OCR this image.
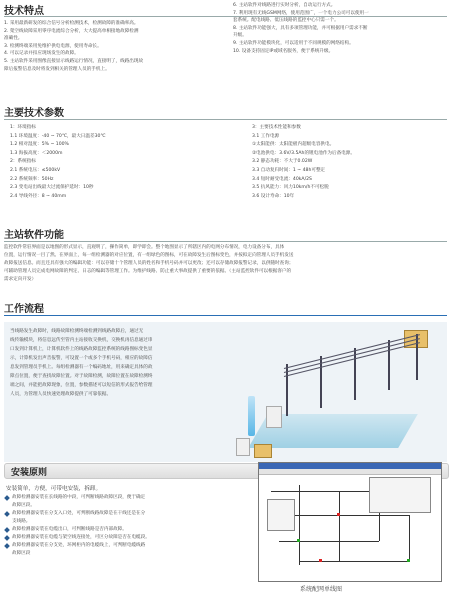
技术特点
1. 采用最新研发的综合信号分析检测技术，检测故障的准确率高。
2. 架空线故障采用零序电流综合分析，大大提高单相接地故障检测
准确性。
3. 检测终端采用免维护供电电源，使用寿命长。
4. 可以记录并扣应现场发生的故障。
5. 主站软件采用图像直接显示线路运行情况，直接明了，线路出现故
障后报警信息及时将发到相关的管理人员的手机上。
6. 主站软件对线路进行实时分析，自动运行方式。
7. 利用现有无线GSM网络，使用范围广，一个电力公司可以使用一
套系统。配电线路、低压线路的监控中心只需一个。
8. 主站软件功能强大，具有多项管理功能，并可根据用户需求不断
升级。
9. 主站软件功能模块化，可以适用于不同规模的网络结构。
10. 设备支持固定IP或域名服务，便于系统升级。
主要技术参数
1：环境指标
1.1 环境温度：-40 ~ 70℃，最大日温差30℃
1.2 相对湿度：5% ~ 100%
1.3 海拔高度：＜2000m
2：系统指标
2.1 系统电压：≤500kV
2.2 系统频率：50Hz
2.3 变电站出线最大过流保护延时：10秒
2.4 导线外径：8 ~ 40mm
3：主要技术性能和参数
3.1 工作电源
①太阳能供：太阳能板内超级电容供电。
②电池供电：3.6V/3.5Ah的锂电池作为后备电源。
3.2 静态功耗：不大于0.02W
3.3 自动复归时间：1 ~ 48h可整定
3.4 短时耐受电流：40kA/2S
3.5 抗风能力：风力10km/h不可松脱
3.6 设计寿命：10年
主站软件功能
监控软件常驻界面是以地图的形式显示，直观明了，操作简单，即学即会。整个地图显示了所辖区内的电网分布情况，电力设备分布，具体
位置，运行情况一目了然。在界面上，每一组检测器的对应位置，有一组绿色的图标，可在故障发生后图标变色，并按拟定向管理人员手机发送
故障报送信息。而且还具有强大的编辑功能：可以存储十个管理人员的姓名和手机号码并可以更改；还可以存储故障报警记录，以供随时查询；
可辅助管理人员完成电网故障的判定、日志的编辑等管理工作。为维护线路、防止重大事故提供了重要的依据。（主站监控软件可以根据客户的
需求定向开发）
工作流程
当线路发生故障时，线路故障检测终端检测到线路故障后，通过无
线传输模块，将信息远传至管内主站接收交换机，交换机再信息通过串
口发到计算机上，计算机软件上的线路故障监控系统的线路图标变色显
示，计算机发出声音报警，可设置一个或多个手机号码，相应的故障信
息发到管理员手机上。每组检测器有一个编码地址，用来确定具体的故
障点位置，便于查找故障位置。对于故障检测，故障位置在故障检测终
端之间，并能把故障现象，位置，参数描述可以短信的形式报告给管理
人员，为管理人员快速处理故障提供了可靠依据。
安装原则
安装简单，方便，可带电安装，拆卸。
故障检测器安装在长线路的中段，可判断线路故障区段，便于确定
故障区段。
故障检测器安装在分支入口处，可判断线路故障是在干线还是在分
支线路。
故障检测器安装在电缆出口，可判断线路是否内部故障。
故障检测器安装在电缆与架空线连接处，可区分故障是否在电缆段。
故障检测器安装在分支处，环网柜内的电缆线上，可判断电缆线路
故障区段
系统配网单线图
